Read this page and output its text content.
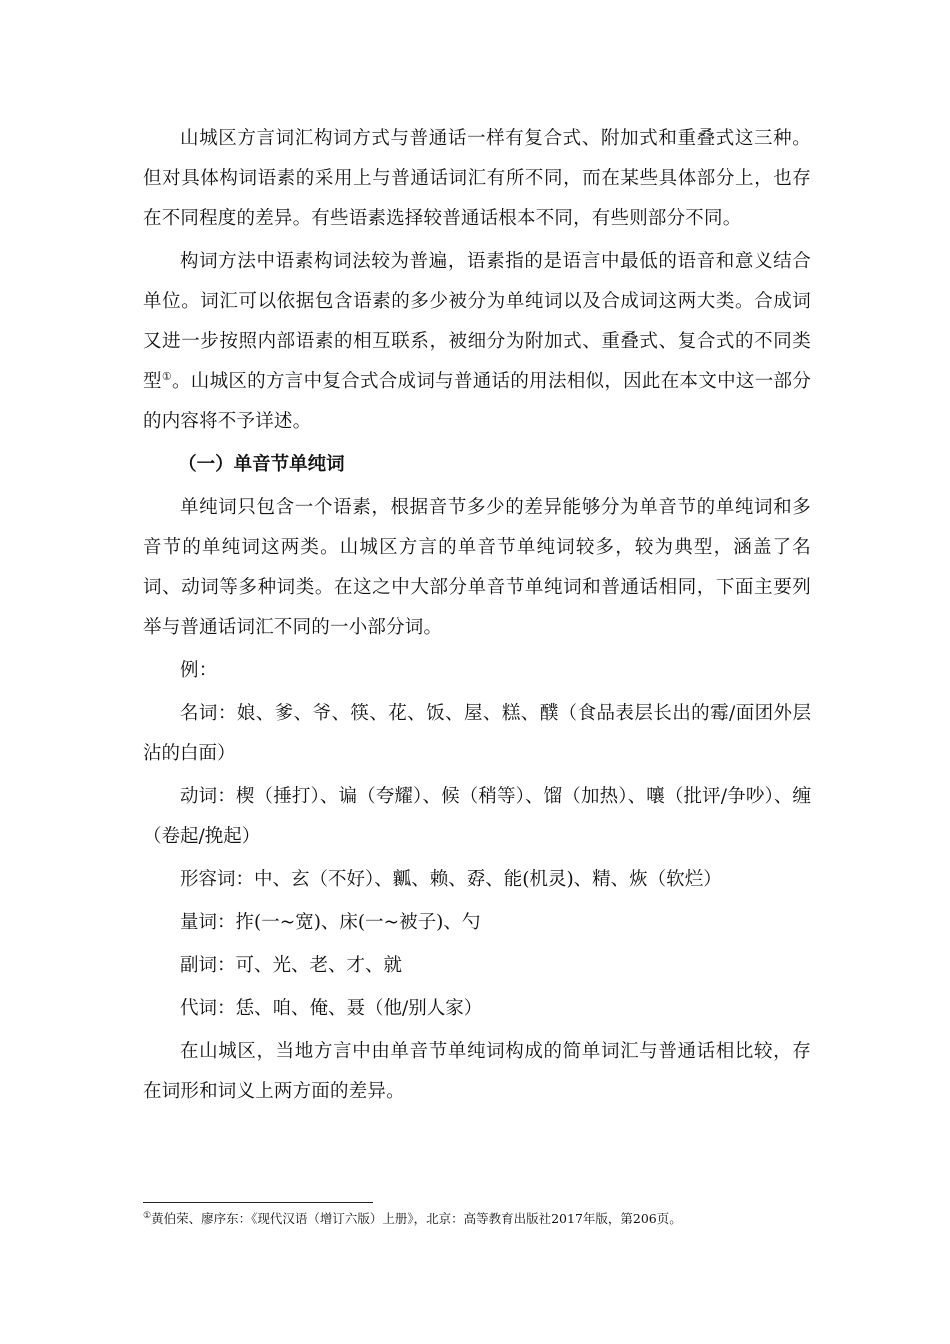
山城区方言词汇构词方式与普通话一样有复合式、附加式和重叠式这三种。但对具体构词语素的采用上与普通话词汇有所不同，而在某些具体部分上，也存在不同程度的差异。有些语素选择较普通话根本不同，有些则部分不同。

构词方法中语素构词法较为普遍，语素指的是语言中最低的语音和意义结合单位。词汇可以依据包含语素的多少被分为单纯词以及合成词这两大类。合成词又进一步按照内部语素的相互联系，被细分为附加式、重叠式、复合式的不同类型①。山城区的方言中复合式合成词与普通话的用法相似，因此在本文中这一部分的内容将不予详述。

（一）单音节单纯词

单纯词只包含一个语素，根据音节多少的差异能够分为单音节的单纯词和多音节的单纯词这两类。山城区方言的单音节单纯词较多，较为典型，涵盖了名词、动词等多种词类。在这之中大部分单音节单纯词和普通话相同，下面主要列举与普通话词汇不同的一小部分词。

例：

名词：娘、爹、爷、筷、花、饭、屋、糕、醭（食品表层长出的霉/面团外层沾的白面）

动词：楔（捶打）、谝（夸耀）、候（稍等）、馏（加热）、嚷（批评/争吵）、缠（卷起/挽起）

形容词：中、玄（不好）、瓤、赖、孬、能(机灵)、精、烣（软烂）

量词：拃(一~宽)、床(一~被子)、勺

副词：可、光、老、才、就

代词：恁、咱、俺、聂（他/别人家）

在山城区，当地方言中由单音节单纯词构成的简单词汇与普通话相比较，存在词形和词义上两方面的差异。

①黄伯荣、廖序东：《现代汉语（增订六版）上册》，北京：高等教育出版社2017年版，第206页。
